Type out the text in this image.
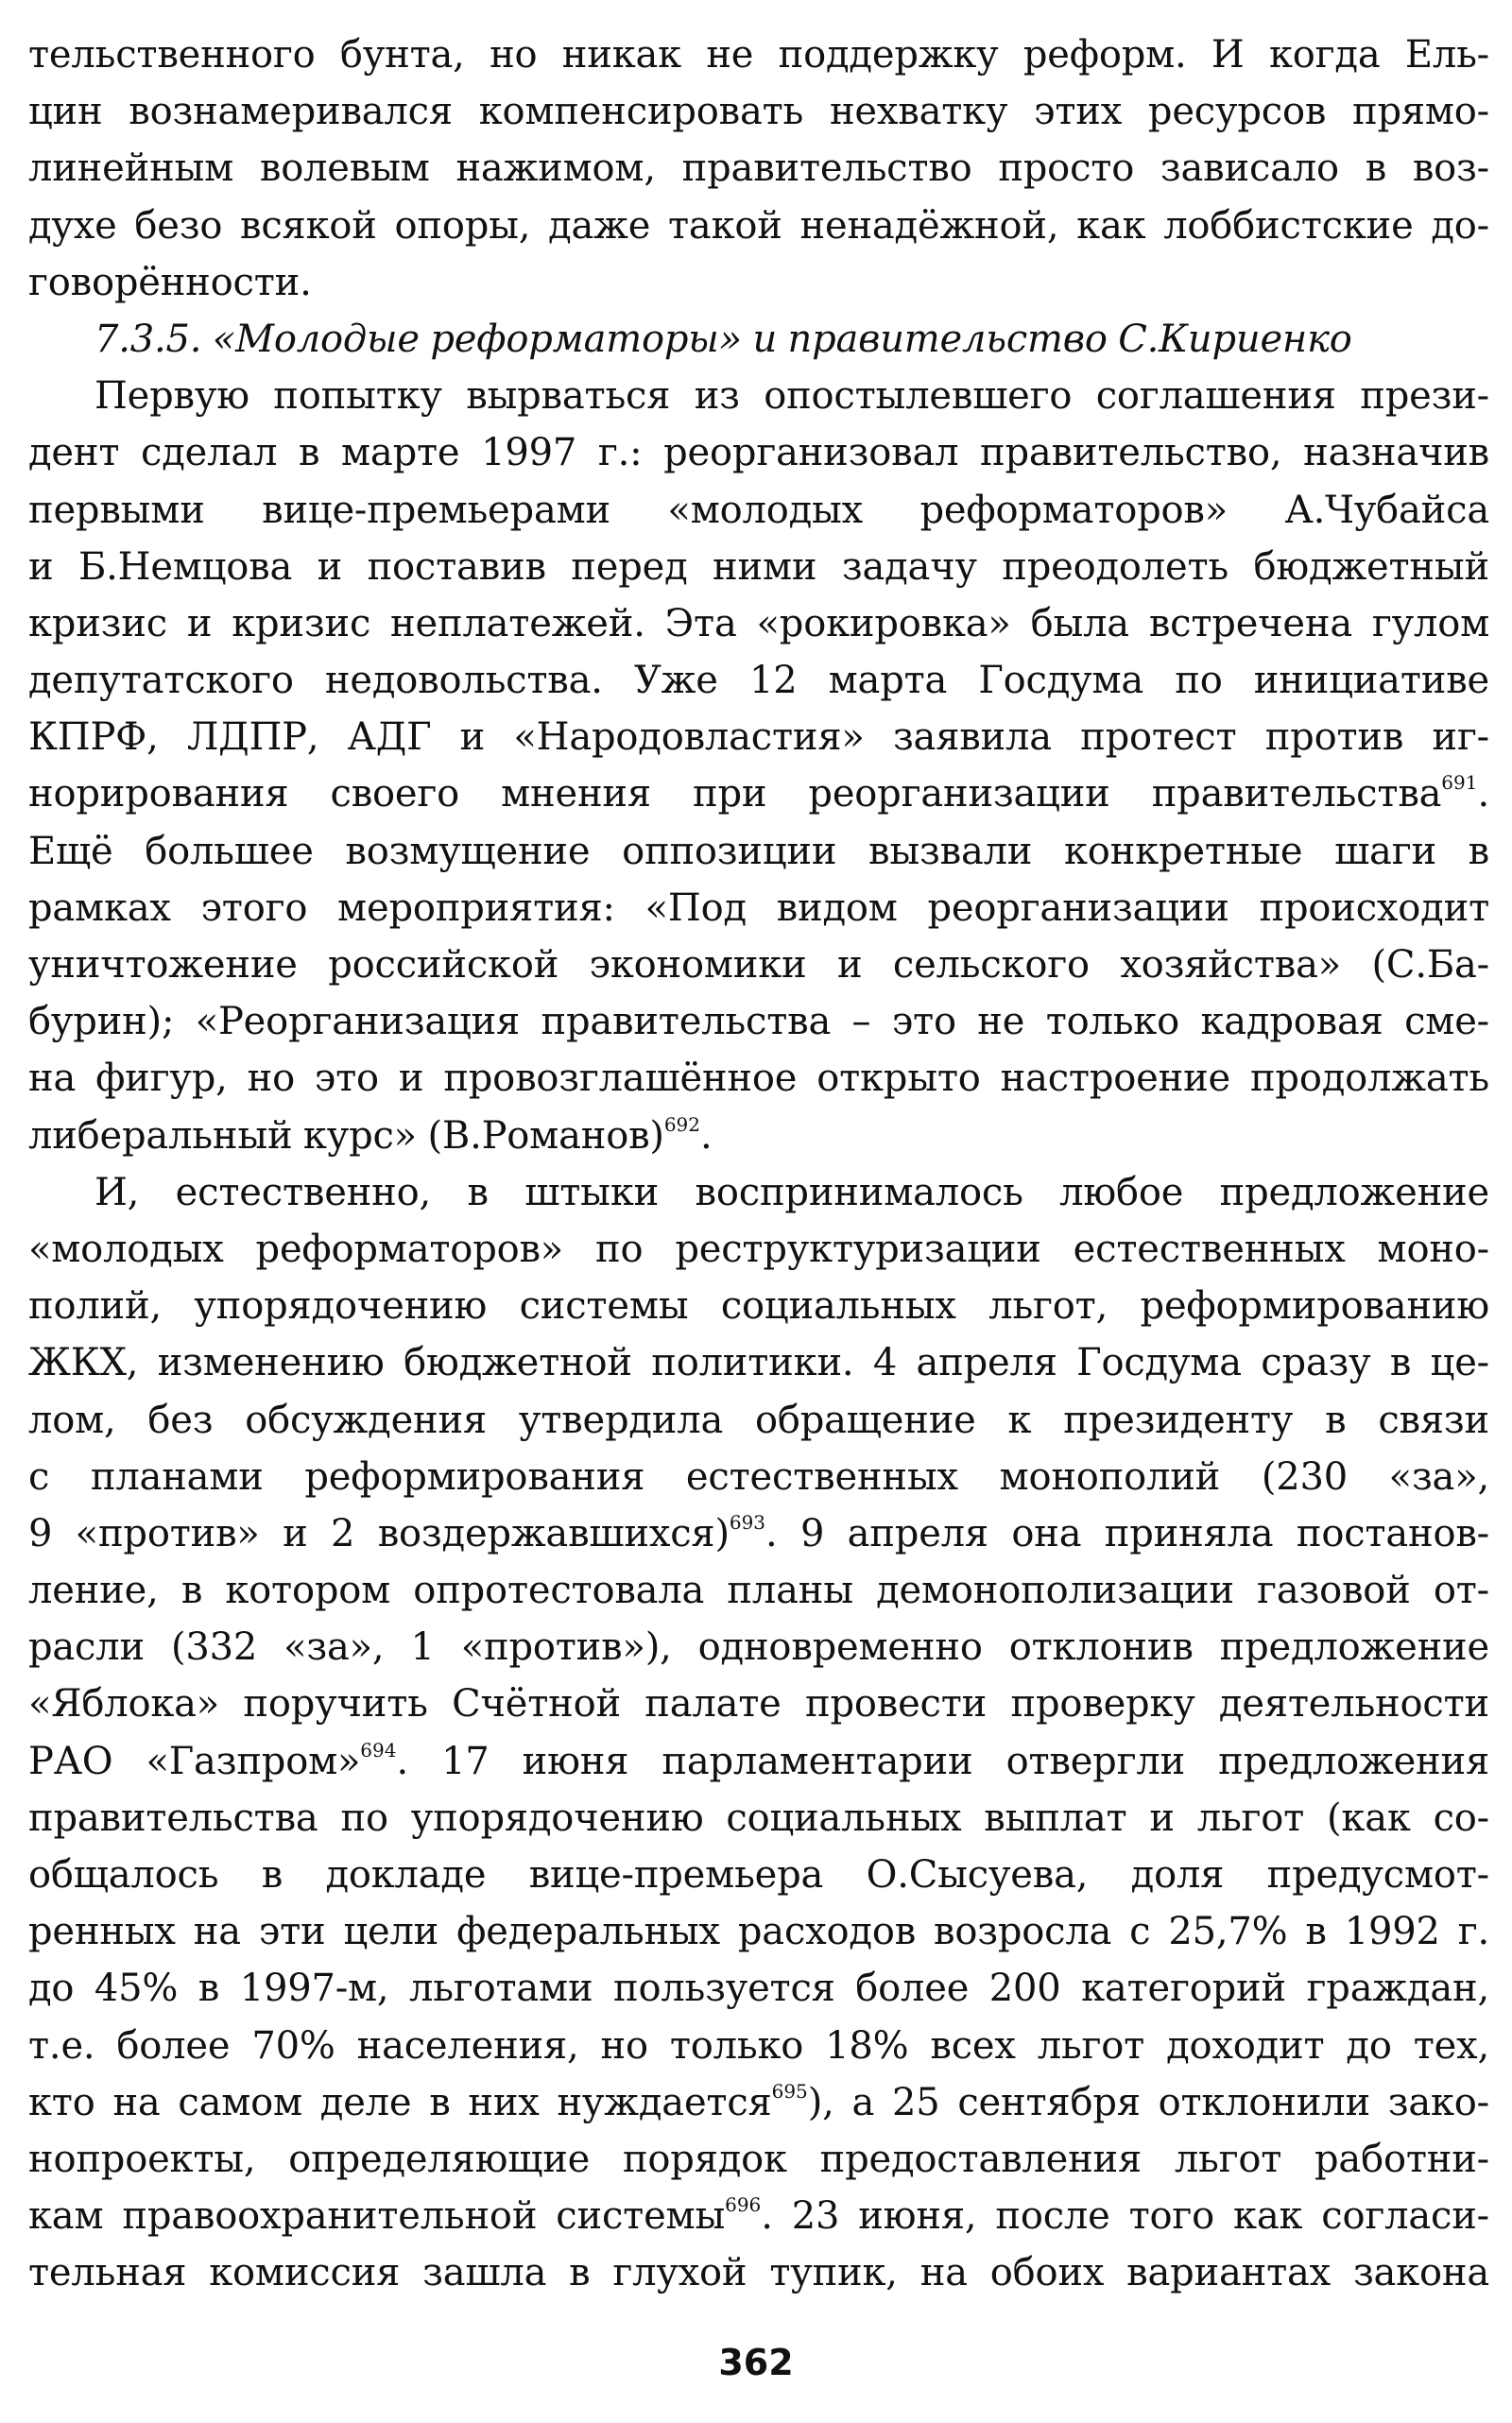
тельственного бунта, но никак не поддержку реформ. И когда Ель-
цин вознамеривался компенсировать нехватку этих ресурсов прямо-
линейным волевым нажимом, правительство просто зависало в воз-
духе безо всякой опоры, даже такой ненадёжной, как лоббистские до-
говорённости.
7.3.5. «Молодые реформаторы» и правительство С.Кириенко
Первую попытку вырваться из опостылевшего соглашения прези-
дент сделал в марте 1997 г.: реорганизовал правительство, назначив
первыми вице-премьерами «молодых реформаторов» А.Чубайса
и Б.Немцова и поставив перед ними задачу преодолеть бюджетный
кризис и кризис неплатежей. Эта «рокировка» была встречена гулом
депутатского недовольства. Уже 12 марта Госдума по инициативе
КПРФ, ЛДПР, АДГ и «Народовластия» заявила протест против иг-
норирования своего мнения при реорганизации правительства$^{691}$.
Ещё большее возмущение оппозиции вызвали конкретные шаги в
рамках этого мероприятия: «Под видом реорганизации происходит
уничтожение российской экономики и сельского хозяйства» (С.Ба-
бурин); «Реорганизация правительства – это не только кадровая сме-
на фигур, но это и провозглашённое открыто настроение продолжать
либеральный курс» (В.Романов)$^{692}$.
И, естественно, в штыки воспринималось любое предложение
«молодых реформаторов» по реструктуризации естественных моно-
полий, упорядочению системы социальных льгот, реформированию
ЖКХ, изменению бюджетной политики. 4 апреля Госдума сразу в це-
лом, без обсуждения утвердила обращение к президенту в связи
с планами реформирования естественных монополий (230 «за»,
9 «против» и 2 воздержавшихся)$^{693}$. 9 апреля она приняла постанов-
ление, в котором опротестовала планы демонополизации газовой от-
расли (332 «за», 1 «против»), одновременно отклонив предложение
«Яблока» поручить Счётной палате провести проверку деятельности
РАО «Газпром»$^{694}$. 17 июня парламентарии отвергли предложения
правительства по упорядочению социальных выплат и льгот (как со-
общалось в докладе вице-премьера О.Сысуева, доля предусмот-
ренных на эти цели федеральных расходов возросла с 25,7% в 1992 г.
до 45% в 1997-м, льготами пользуется более 200 категорий граждан,
т.е. более 70% населения, но только 18% всех льгот доходит до тех,
кто на самом деле в них нуждается$^{695}$), а 25 сентября отклонили зако-
нопроекты, определяющие порядок предоставления льгот работни-
кам правоохранительной системы$^{696}$. 23 июня, после того как согласи-
тельная комиссия зашла в глухой тупик, на обоих вариантах закона
362
